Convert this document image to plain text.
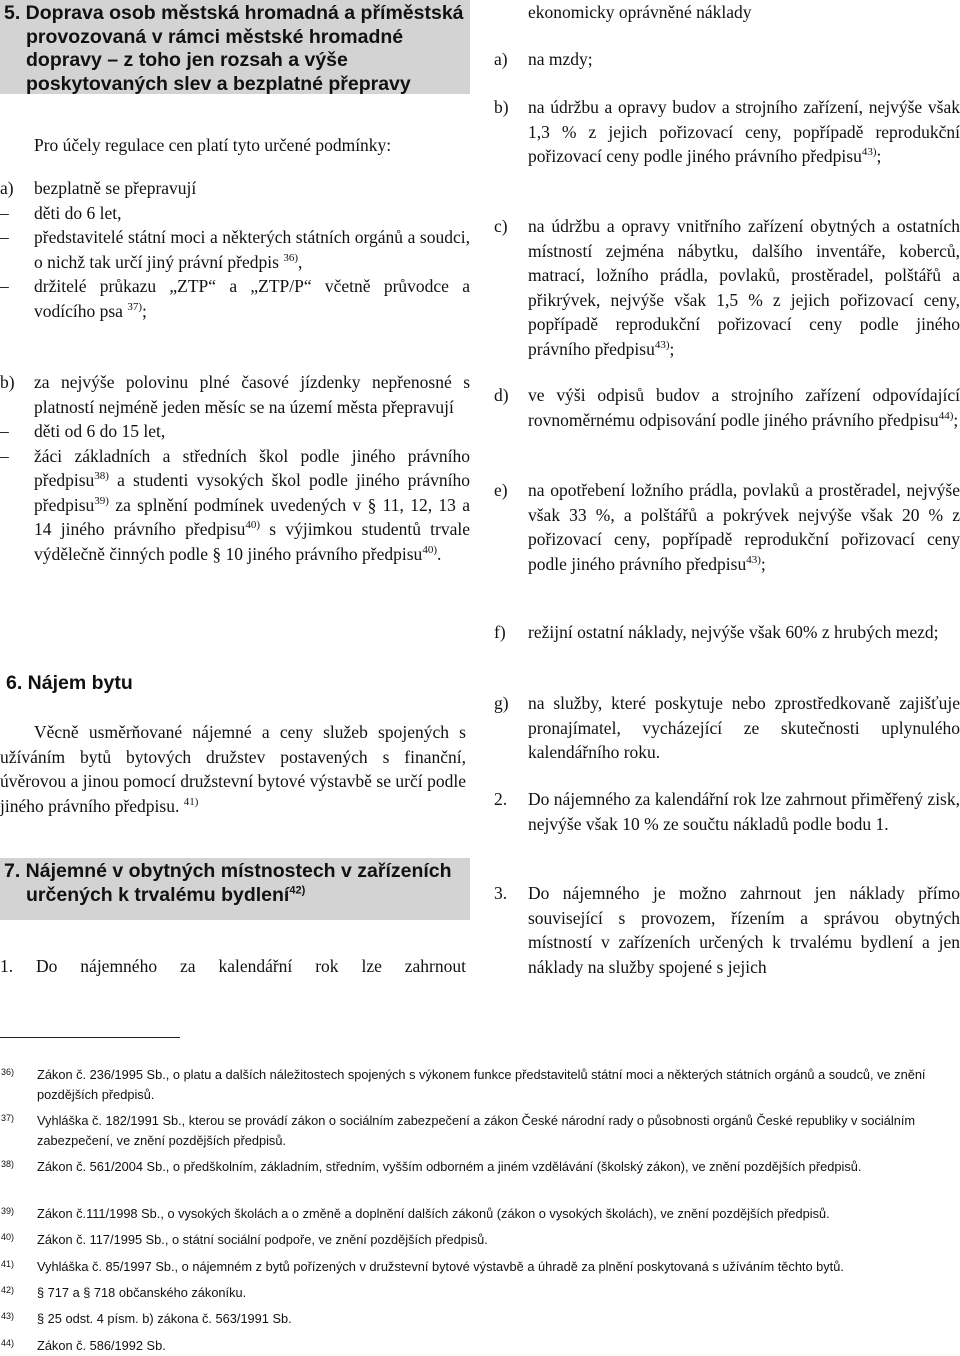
5. Doprava osob městská hromadná a příměstská provozovaná v rámci městské hromadné dopravy – z toho jen rozsah a výše poskytovaných slev a bezplatné přepravy
Pro účely regulace cen platí tyto určené podmínky:
a)	bezplatně se přepravují
–	děti do 6 let,
–	představitelé státní moci a některých státních orgánů a soudci, o nichž tak určí jiný právní předpis $^{36)}$,
–	držitelé průkazu „ZTP“ a „ZTP/P“ včetně průvodce a vodícího psa $^{37)}$;
b)	za nejvýše polovinu plné časové jízdenky nepřenosné s platností nejméně jeden měsíc se na území města přepravují
–	děti od 6 do 15 let,
–	žáci základních a středních škol podle jiného právního předpisu$^{38)}$ a studenti vysokých škol podle jiného právního předpisu$^{39)}$ za splnění podmínek uvedených v § 11, 12, 13 a 14 jiného právního předpisu$^{40)}$ s výjimkou studentů trvale výdělečně činných podle § 10 jiného právního předpisu$^{40)}$.
6. Nájem bytu
Věcně usměrňované nájemné a ceny služeb spojených s užíváním bytů bytových družstev postavených s finanční, úvěrovou a jinou pomocí družstevní bytové výstavbě se určí podle jiného právního předpisu. $^{41)}$
7. Nájemné v obytných místnostech v zařízeních určených k trvalému bydlení$^{42)}$
1.	Do nájemného za kalendářní rok lze zahrnout
ekonomicky oprávněné náklady
a)	na mzdy;
b)	na údržbu a opravy budov a strojního zařízení, nejvýše však 1,3 % z jejich pořizovací ceny, popřípadě reprodukční pořizovací ceny podle jiného právního předpisu$^{43)}$;
c)	na údržbu a opravy vnitřního zařízení obytných a ostatních místností zejména nábytku, dalšího inventáře, koberců, matrací, ložního prádla, povlaků, prostěradel, polštářů a přikrývek, nejvýše však 1,5 % z jejich pořizovací ceny, popřípadě reprodukční pořizovací ceny podle jiného právního předpisu$^{43)}$;
d)	ve výši odpisů budov a strojního zařízení odpovídající rovnoměrnému odpisování podle jiného právního předpisu$^{44)}$;
e)	na opotřebení ložního prádla, povlaků a prostěradel, nejvýše však 33 %, a polštářů a pokrývek nejvýše však 20 % z pořizovací ceny, popřípadě reprodukční pořizovací ceny podle jiného právního předpisu$^{43)}$;
f)	režijní ostatní náklady, nejvýše však 60% z hrubých mezd;
g)	na služby, které poskytuje nebo zprostředkovaně zajišťuje pronajímatel, vycházející ze skutečnosti uplynulého kalendářního roku.
2.	Do nájemného za kalendářní rok lze zahrnout přiměřený zisk, nejvýše však 10 % ze součtu nákladů podle bodu 1.
3.	Do nájemného je možno zahrnout jen náklady přímo související s provozem, řízením a správou obytných místností v zařízeních určených k trvalému bydlení a jen náklady na služby spojené s jejich
36)	Zákon č. 236/1995 Sb., o platu a dalších náležitostech spojených s výkonem funkce představitelů státní moci a některých státních orgánů a soudců, ve znění pozdějších předpisů.
37)	Vyhláška č. 182/1991 Sb., kterou se provádí zákon o sociálním zabezpečení a zákon České národní rady o působnosti orgánů České republiky v sociálním zabezpečení, ve znění pozdějších předpisů.
38)	Zákon č. 561/2004 Sb., o předškolním, základním, středním, vyšším odborném a jiném vzdělávání (školský zákon), ve znění pozdějších předpisů.
39)	Zákon č.111/1998 Sb., o vysokých školách a o změně a doplnění dalších zákonů (zákon o vysokých školách), ve znění pozdějších předpisů.
40)	Zákon č. 117/1995 Sb., o státní sociální podpoře, ve znění pozdějších předpisů.
41)	Vyhláška č. 85/1997 Sb., o nájemném z bytů pořízených v družstevní bytové výstavbě a úhradě za plnění poskytovaná s užíváním těchto bytů.
42)	§ 717 a § 718 občanského zákoníku.
43)	§ 25 odst. 4 písm. b) zákona č. 563/1991 Sb.
44)	Zákon č. 586/1992 Sb.
